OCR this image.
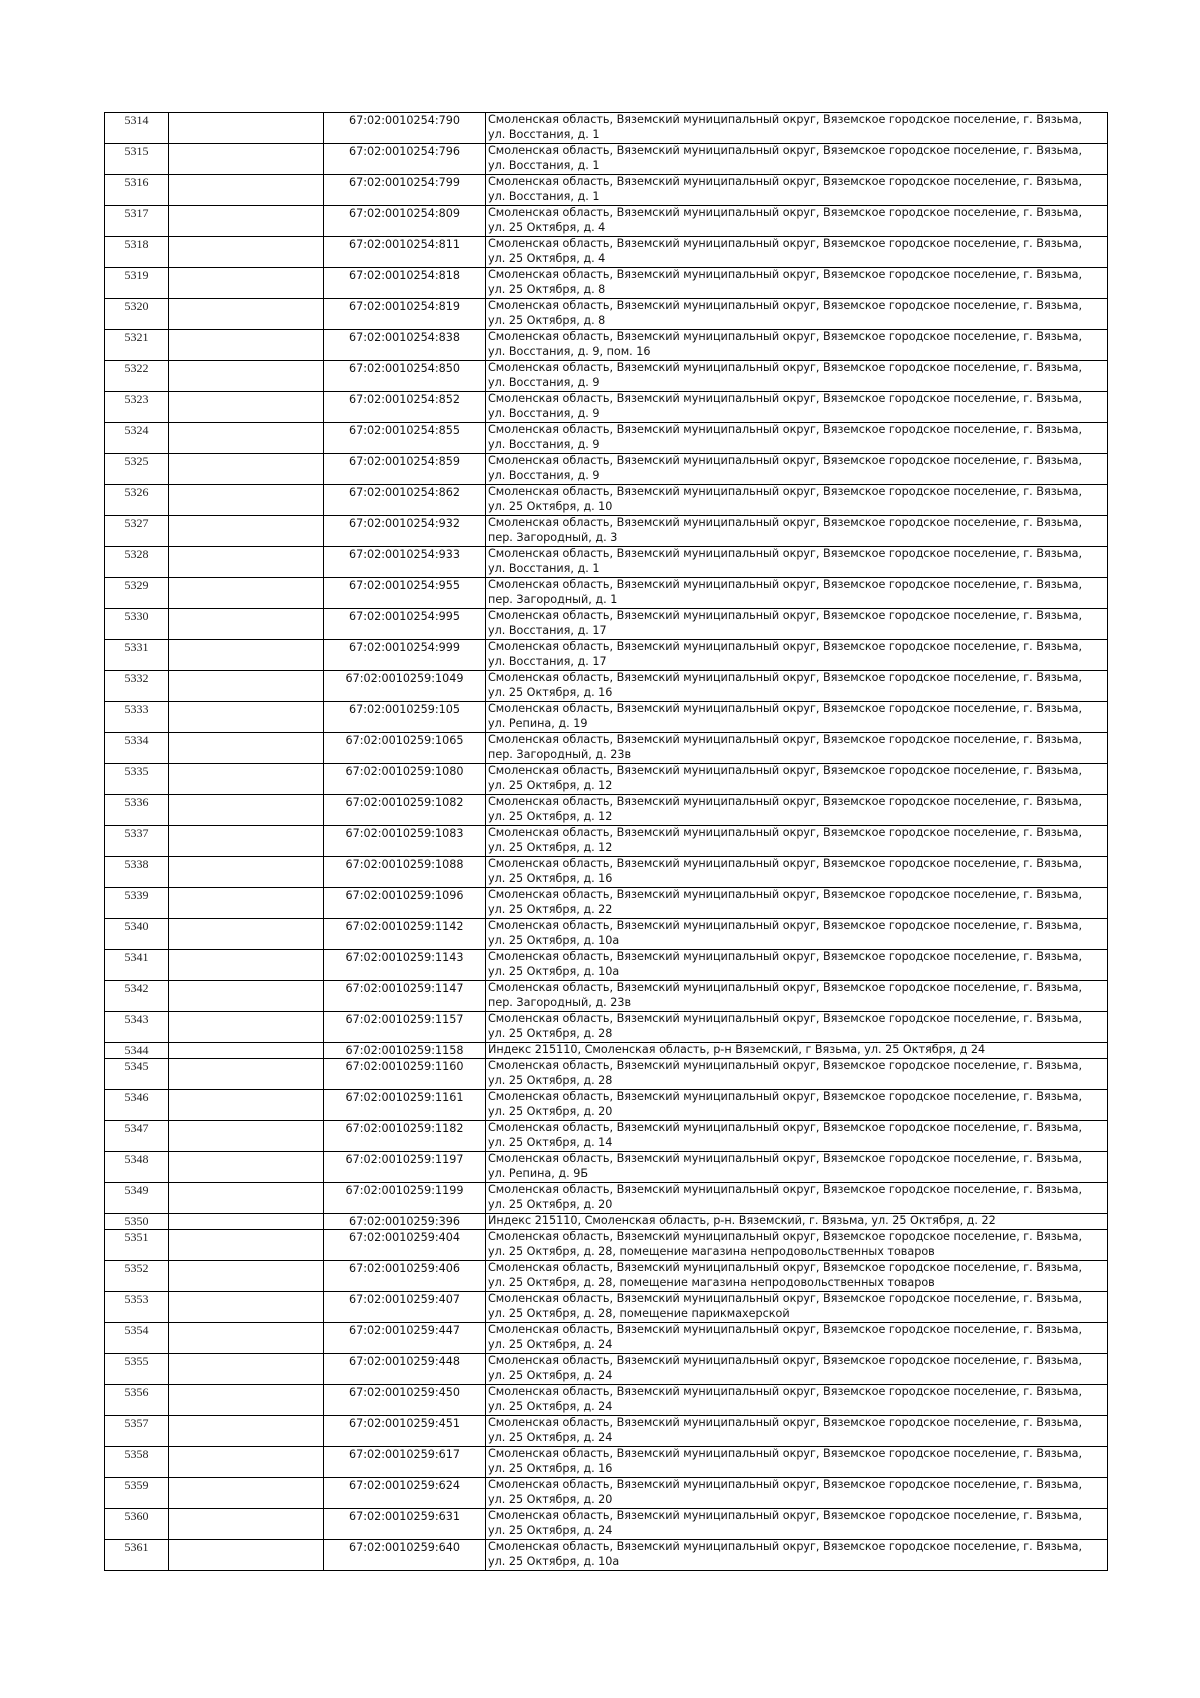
5314		67:02:0010254:790	Смоленская область, Вяземский муниципальный округ, Вяземское городское поселение, г. Вязьма,
ул. Восстания, д. 1

5315		67:02:0010254:796	Смоленская область, Вяземский муниципальный округ, Вяземское городское поселение, г. Вязьма,
ул. Восстания, д. 1

5316		67:02:0010254:799	Смоленская область, Вяземский муниципальный округ, Вяземское городское поселение, г. Вязьма,
ул. Восстания, д. 1

5317		67:02:0010254:809	Смоленская область, Вяземский муниципальный округ, Вяземское городское поселение, г. Вязьма,
ул. 25 Октября, д. 4

5318		67:02:0010254:811	Смоленская область, Вяземский муниципальный округ, Вяземское городское поселение, г. Вязьма,
ул. 25 Октября, д. 4

5319		67:02:0010254:818	Смоленская область, Вяземский муниципальный округ, Вяземское городское поселение, г. Вязьма,
ул. 25 Октября, д. 8

5320		67:02:0010254:819	Смоленская область, Вяземский муниципальный округ, Вяземское городское поселение, г. Вязьма,
ул. 25 Октября, д. 8

5321		67:02:0010254:838	Смоленская область, Вяземский муниципальный округ, Вяземское городское поселение, г. Вязьма,
ул. Восстания, д. 9, пом. 16

5322		67:02:0010254:850	Смоленская область, Вяземский муниципальный округ, Вяземское городское поселение, г. Вязьма,
ул. Восстания, д. 9

5323		67:02:0010254:852	Смоленская область, Вяземский муниципальный округ, Вяземское городское поселение, г. Вязьма,
ул. Восстания, д. 9

5324		67:02:0010254:855	Смоленская область, Вяземский муниципальный округ, Вяземское городское поселение, г. Вязьма,
ул. Восстания, д. 9

5325		67:02:0010254:859	Смоленская область, Вяземский муниципальный округ, Вяземское городское поселение, г. Вязьма,
ул. Восстания, д. 9

5326		67:02:0010254:862	Смоленская область, Вяземский муниципальный округ, Вяземское городское поселение, г. Вязьма,
ул. 25 Октября, д. 10

5327		67:02:0010254:932	Смоленская область, Вяземский муниципальный округ, Вяземское городское поселение, г. Вязьма,
пер. Загородный, д. 3

5328		67:02:0010254:933	Смоленская область, Вяземский муниципальный округ, Вяземское городское поселение, г. Вязьма,
ул. Восстания, д. 1

5329		67:02:0010254:955	Смоленская область, Вяземский муниципальный округ, Вяземское городское поселение, г. Вязьма,
пер. Загородный, д. 1

5330		67:02:0010254:995	Смоленская область, Вяземский муниципальный округ, Вяземское городское поселение, г. Вязьма,
ул. Восстания, д. 17

5331		67:02:0010254:999	Смоленская область, Вяземский муниципальный округ, Вяземское городское поселение, г. Вязьма,
ул. Восстания, д. 17

5332		67:02:0010259:1049	Смоленская область, Вяземский муниципальный округ, Вяземское городское поселение, г. Вязьма,
ул. 25 Октября, д. 16

5333		67:02:0010259:105	Смоленская область, Вяземский муниципальный округ, Вяземское городское поселение, г. Вязьма,
ул. Репина, д. 19

5334		67:02:0010259:1065	Смоленская область, Вяземский муниципальный округ, Вяземское городское поселение, г. Вязьма,
пер. Загородный, д. 23в

5335		67:02:0010259:1080	Смоленская область, Вяземский муниципальный округ, Вяземское городское поселение, г. Вязьма,
ул. 25 Октября, д. 12

5336		67:02:0010259:1082	Смоленская область, Вяземский муниципальный округ, Вяземское городское поселение, г. Вязьма,
ул. 25 Октября, д. 12

5337		67:02:0010259:1083	Смоленская область, Вяземский муниципальный округ, Вяземское городское поселение, г. Вязьма,
ул. 25 Октября, д. 12

5338		67:02:0010259:1088	Смоленская область, Вяземский муниципальный округ, Вяземское городское поселение, г. Вязьма,
ул. 25 Октября, д. 16

5339		67:02:0010259:1096	Смоленская область, Вяземский муниципальный округ, Вяземское городское поселение, г. Вязьма,
ул. 25 Октября, д. 22

5340		67:02:0010259:1142	Смоленская область, Вяземский муниципальный округ, Вяземское городское поселение, г. Вязьма,
ул. 25 Октября, д. 10а

5341		67:02:0010259:1143	Смоленская область, Вяземский муниципальный округ, Вяземское городское поселение, г. Вязьма,
ул. 25 Октября, д. 10а

5342		67:02:0010259:1147	Смоленская область, Вяземский муниципальный округ, Вяземское городское поселение, г. Вязьма,
пер. Загородный, д. 23в

5343		67:02:0010259:1157	Смоленская область, Вяземский муниципальный округ, Вяземское городское поселение, г. Вязьма,
ул. 25 Октября, д. 28

5344		67:02:0010259:1158	Индекс 215110, Смоленская область, р-н Вяземский, г Вязьма, ул. 25 Октября, д 24

5345		67:02:0010259:1160	Смоленская область, Вяземский муниципальный округ, Вяземское городское поселение, г. Вязьма,
ул. 25 Октября, д. 28

5346		67:02:0010259:1161	Смоленская область, Вяземский муниципальный округ, Вяземское городское поселение, г. Вязьма,
ул. 25 Октября, д. 20

5347		67:02:0010259:1182	Смоленская область, Вяземский муниципальный округ, Вяземское городское поселение, г. Вязьма,
ул. 25 Октября, д. 14

5348		67:02:0010259:1197	Смоленская область, Вяземский муниципальный округ, Вяземское городское поселение, г. Вязьма,
ул. Репина, д. 9Б

5349		67:02:0010259:1199	Смоленская область, Вяземский муниципальный округ, Вяземское городское поселение, г. Вязьма,
ул. 25 Октября, д. 20

5350		67:02:0010259:396	Индекс 215110, Смоленская область, р-н. Вяземский, г. Вязьма, ул. 25 Октября, д. 22

5351		67:02:0010259:404	Смоленская область, Вяземский муниципальный округ, Вяземское городское поселение, г. Вязьма,
ул. 25 Октября, д. 28, помещение магазина непродовольственных товаров

5352		67:02:0010259:406	Смоленская область, Вяземский муниципальный округ, Вяземское городское поселение, г. Вязьма,
ул. 25 Октября, д. 28, помещение магазина непродовольственных товаров

5353		67:02:0010259:407	Смоленская область, Вяземский муниципальный округ, Вяземское городское поселение, г. Вязьма,
ул. 25 Октября, д. 28, помещение парикмахерской

5354		67:02:0010259:447	Смоленская область, Вяземский муниципальный округ, Вяземское городское поселение, г. Вязьма,
ул. 25 Октября, д. 24

5355		67:02:0010259:448	Смоленская область, Вяземский муниципальный округ, Вяземское городское поселение, г. Вязьма,
ул. 25 Октября, д. 24

5356		67:02:0010259:450	Смоленская область, Вяземский муниципальный округ, Вяземское городское поселение, г. Вязьма,
ул. 25 Октября, д. 24

5357		67:02:0010259:451	Смоленская область, Вяземский муниципальный округ, Вяземское городское поселение, г. Вязьма,
ул. 25 Октября, д. 24

5358		67:02:0010259:617	Смоленская область, Вяземский муниципальный округ, Вяземское городское поселение, г. Вязьма,
ул. 25 Октября, д. 16

5359		67:02:0010259:624	Смоленская область, Вяземский муниципальный округ, Вяземское городское поселение, г. Вязьма,
ул. 25 Октября, д. 20

5360		67:02:0010259:631	Смоленская область, Вяземский муниципальный округ, Вяземское городское поселение, г. Вязьма,
ул. 25 Октября, д. 24

5361		67:02:0010259:640	Смоленская область, Вяземский муниципальный округ, Вяземское городское поселение, г. Вязьма,
ул. 25 Октября, д. 10а
